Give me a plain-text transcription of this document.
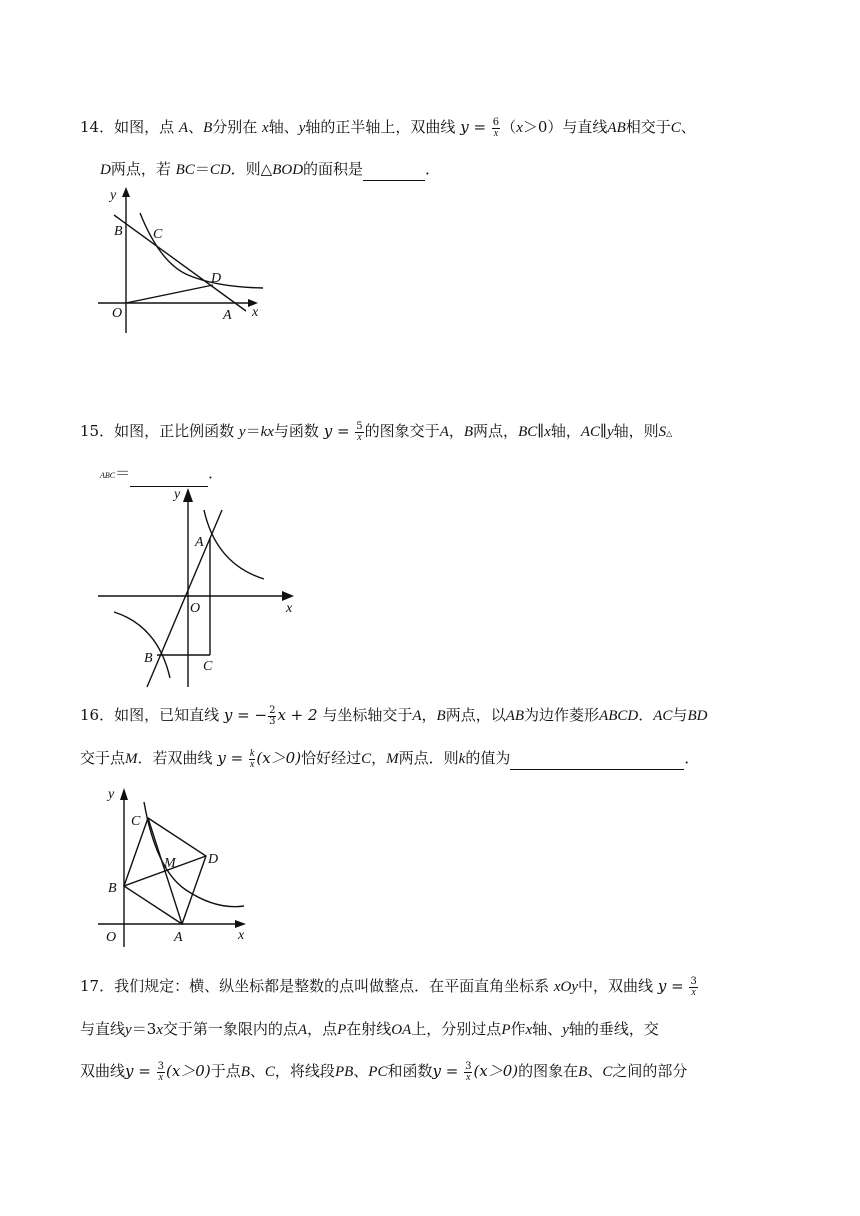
14．如图，点 A、B分别在 x轴、y轴的正半轴上，双曲线 $y = \frac{6}{x} (x>0)$与直线AB相交于C、
D两点，若 BC＝CD．则△BOD的面积是	．
y
B C
D
O	A x
15．如图，正比例函数 y＝kx与函数 $y = \frac{5}{x}$ 的图象交于A，B两点，BC∥x轴，AC∥y轴，则S△
ABC＝	．
y
A
O	x
B
C
16．如图，已知直线 y = − $\frac{2}{3}$ x + 2 与坐标轴交于A，B两点，以AB为边作菱形ABCD．AC与BD
交于点M．若双曲线 $y = \frac{k}{x} (x>0)$恰好经过C，M两点．则k的值为	．
y
C
M D
B
O	A	x
17．我们规定：横、纵坐标都是整数的点叫做整点．在平面直角坐标系 xOy中，双曲线 $y = \frac{3}{x}$
与直线y＝3x交于第一象限内的点A，点P在射线OA上，分别过点P作x轴、y轴的垂线，交
双曲线$y = \frac{3}{x} (x>0)$于点B、C，将线段PB、PC和函数$y = \frac{3}{x} (x>0)$的图象在B、C之间的部分
